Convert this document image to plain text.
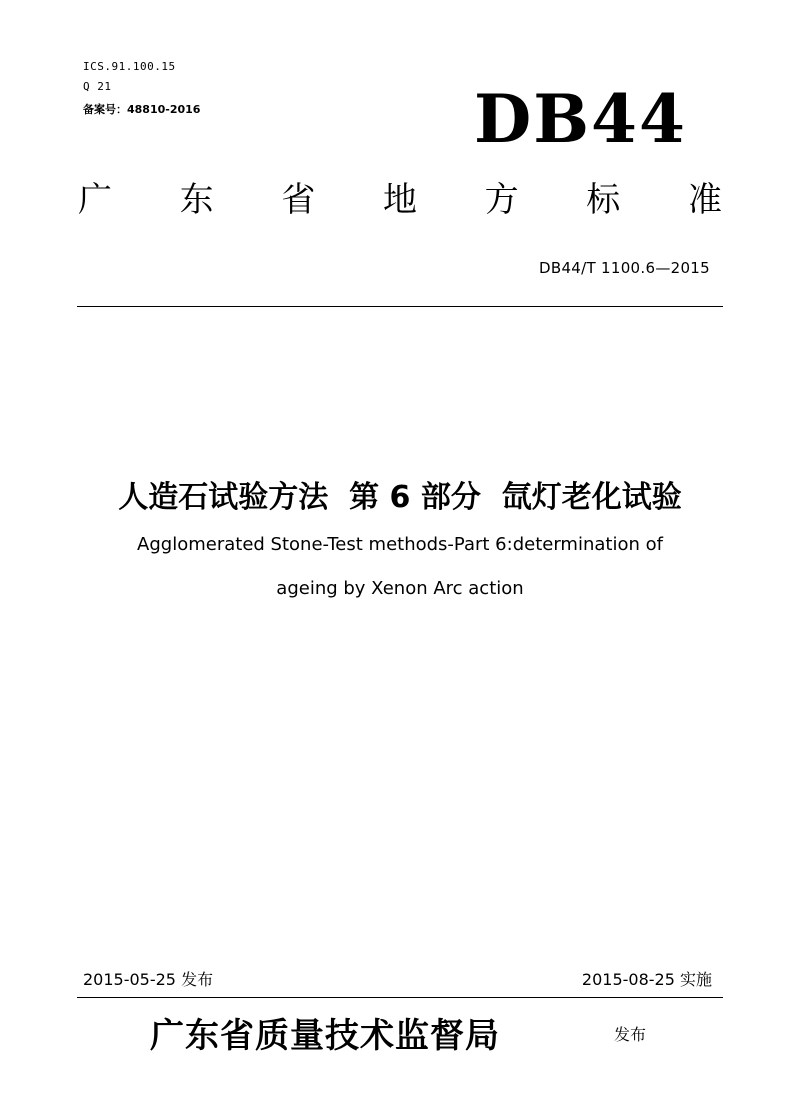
ICS.91.100.15
Q 21
备案号：48810-2016	DB44
广 东 省 地 方 标 准
DB44/T 1100.6—2015
人造石试验方法  第 6 部分  氙灯老化试验
Agglomerated Stone-Test methods-Part 6:determination of
ageing by Xenon Arc action
2015-05-25 发布	2015-08-25 实施
广东省质量技术监督局	发布
